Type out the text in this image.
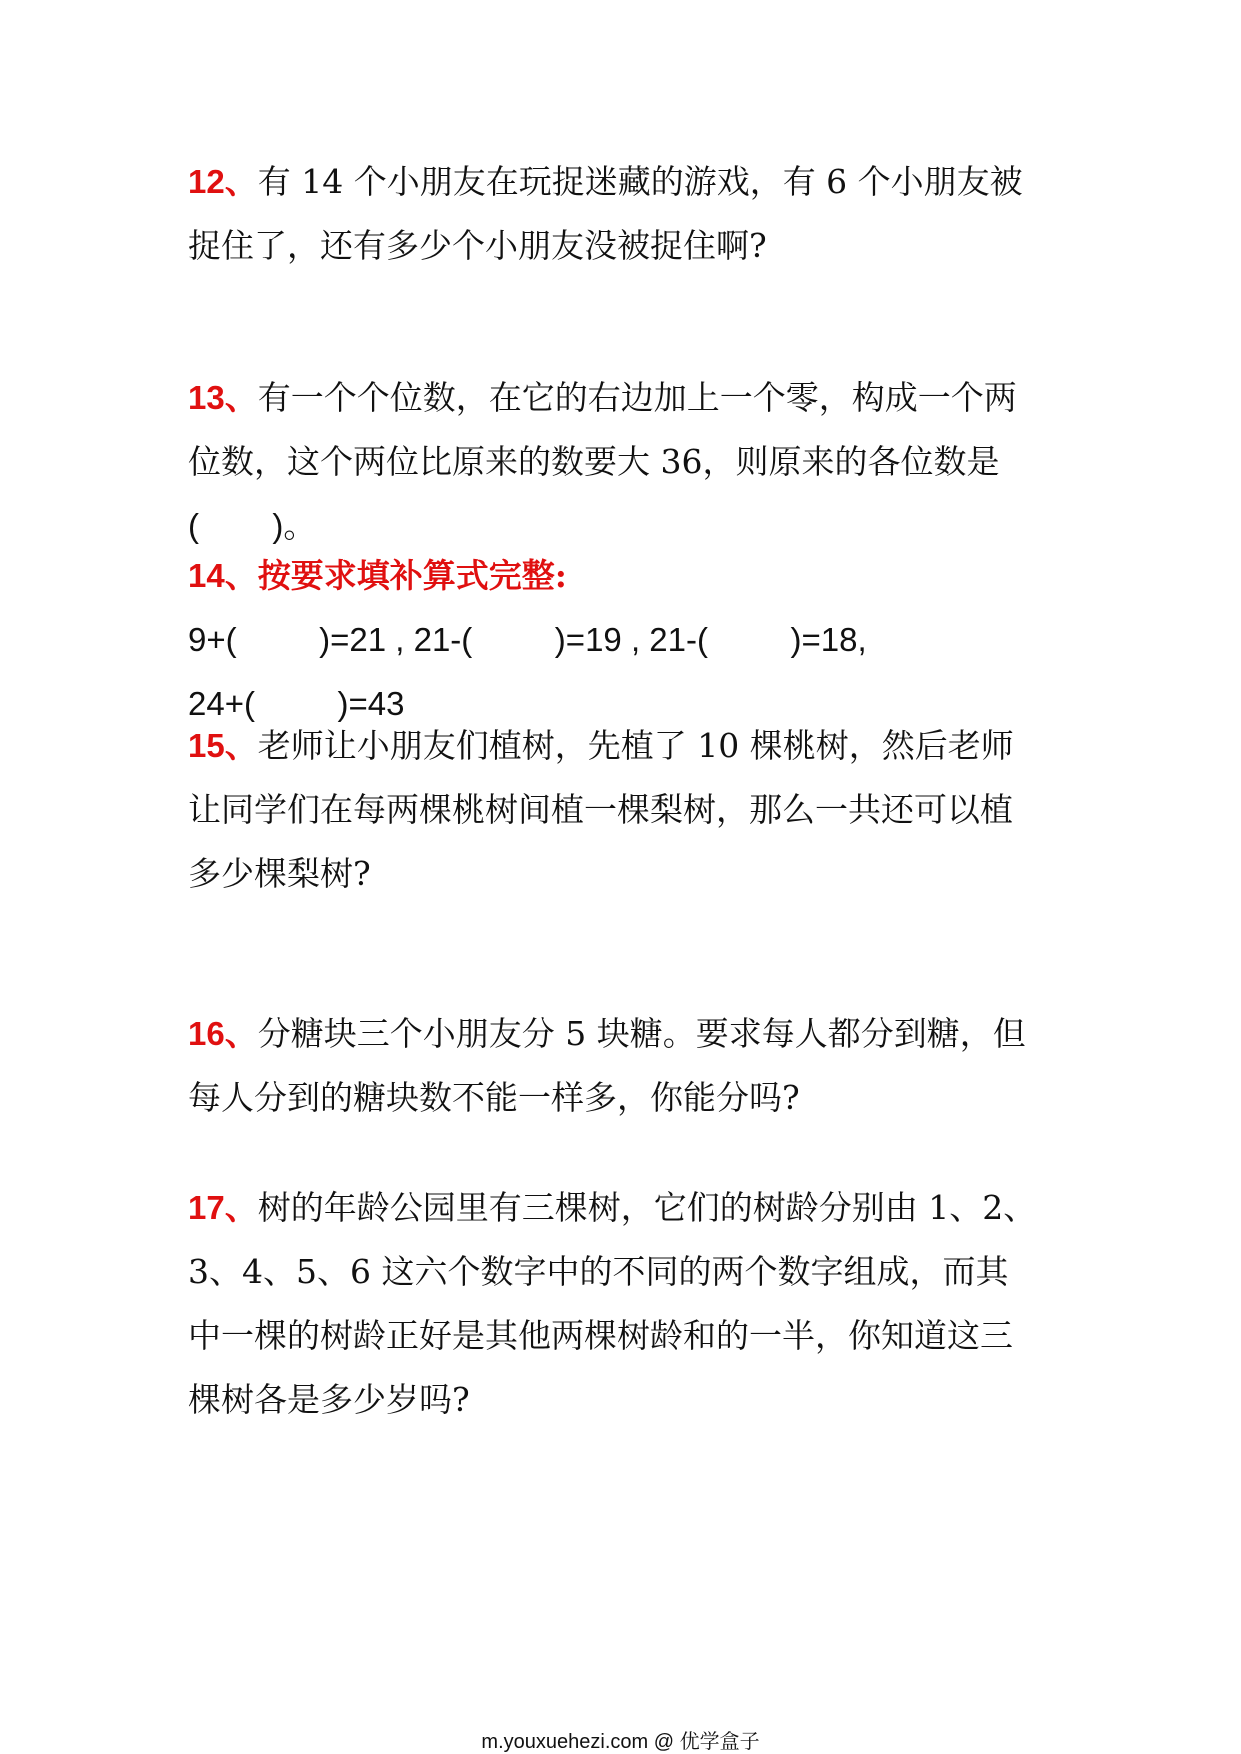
12、有 14 个小朋友在玩捉迷藏的游戏，有 6 个小朋友被
捉住了，还有多少个小朋友没被捉住啊?
13、有一个个位数，在它的右边加上一个零，构成一个两
位数，这个两位比原来的数要大 36，则原来的各位数是
(        )。
14、按要求填补算式完整:
9+(         )=21 , 21-(         )=19 , 21-(         )=18,
24+(         )=43
15、老师让小朋友们植树，先植了 10 棵桃树，然后老师
让同学们在每两棵桃树间植一棵梨树，那么一共还可以植
多少棵梨树?
16、分糖块三个小朋友分 5 块糖。要求每人都分到糖，但
每人分到的糖块数不能一样多，你能分吗?
17、树的年龄公园里有三棵树，它们的树龄分别由 1、2、
3、4、5、6 这六个数字中的不同的两个数字组成，而其
中一棵的树龄正好是其他两棵树龄和的一半，你知道这三
棵树各是多少岁吗?
m.youxuehezi.com @ 优学盒子
